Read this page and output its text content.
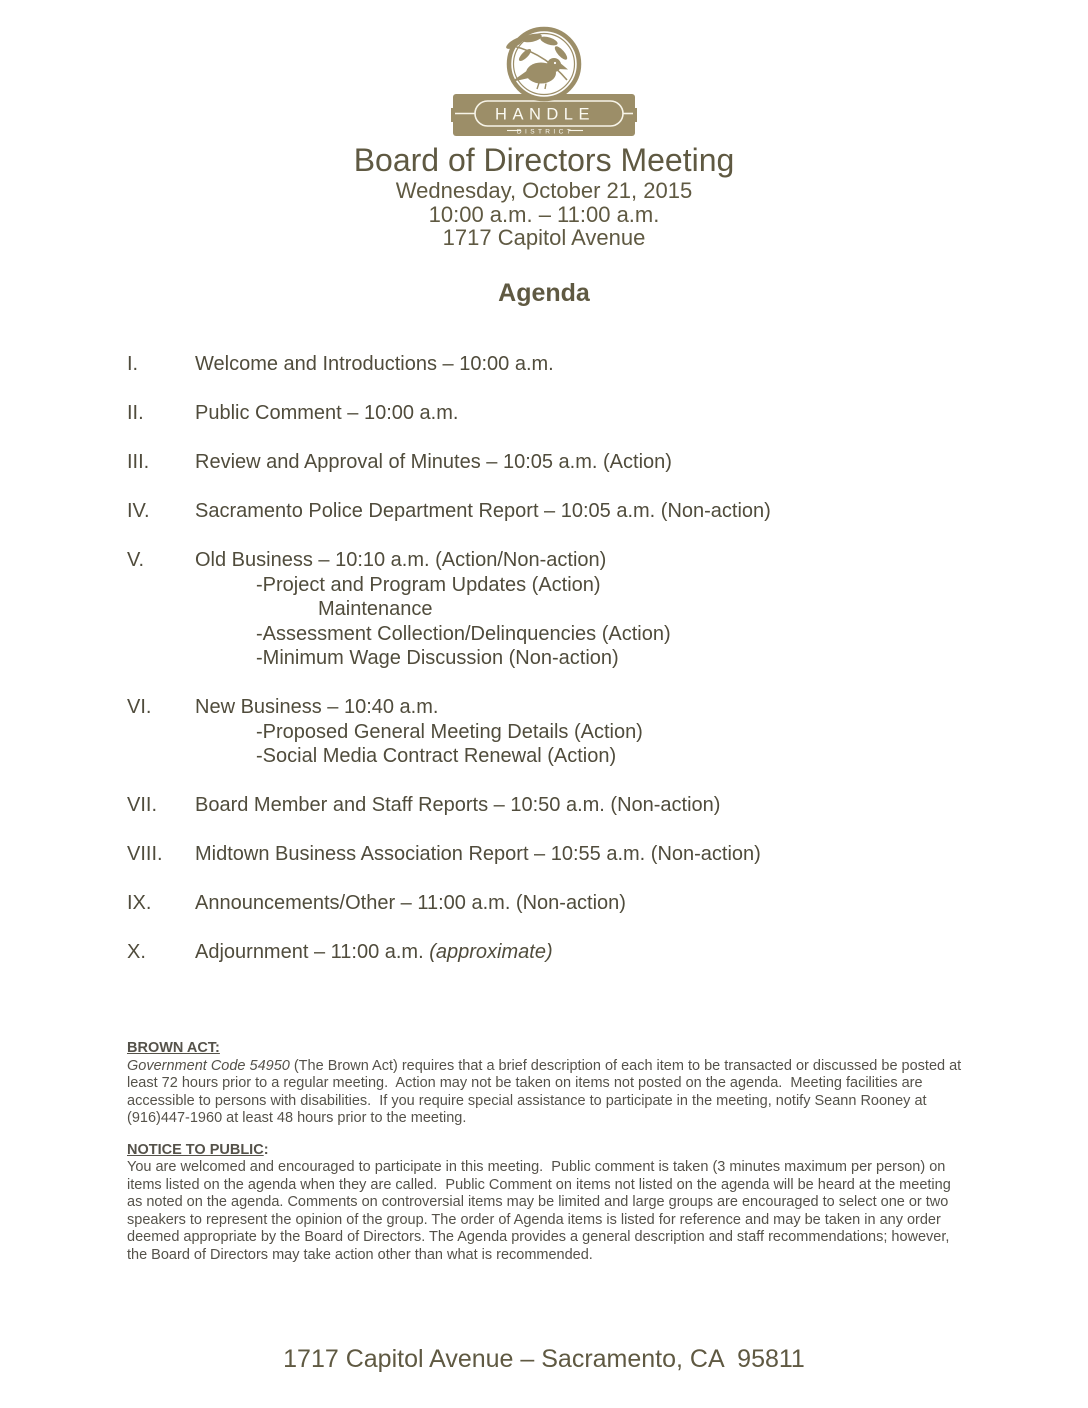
HANDLE
DISTRICT
Board of Directors Meeting
Wednesday, October 21, 2015
10:00 a.m. – 11:00 a.m.
1717 Capitol Avenue
Agenda
I.	Welcome and Introductions – 10:00 a.m.
II.	Public Comment – 10:00 a.m.
III.	Review and Approval of Minutes – 10:05 a.m. (Action)
IV.	Sacramento Police Department Report – 10:05 a.m. (Non-action)
V.	Old Business – 10:10 a.m. (Action/Non-action)
-Project and Program Updates (Action)
Maintenance
-Assessment Collection/Delinquencies (Action)
-Minimum Wage Discussion (Non-action)
VI.	New Business – 10:40 a.m.
-Proposed General Meeting Details (Action)
-Social Media Contract Renewal (Action)
VII.	Board Member and Staff Reports – 10:50 a.m. (Non-action)
VIII.	Midtown Business Association Report – 10:55 a.m. (Non-action)
IX.	Announcements/Other – 11:00 a.m. (Non-action)
X.	Adjournment – 11:00 a.m. (approximate)

BROWN ACT:

Government Code 54950 (The Brown Act) requires that a brief description of each item to be transacted or discussed be posted at least 72 hours prior to a regular meeting.  Action may not be taken on items not posted on the agenda.  Meeting facilities are accessible to persons with disabilities.  If you require special assistance to participate in the meeting, notify Seann Rooney at (916)447-1960 at least 48 hours prior to the meeting.

NOTICE TO PUBLIC:

You are welcomed and encouraged to participate in this meeting.  Public comment is taken (3 minutes maximum per person) on items listed on the agenda when they are called.  Public Comment on items not listed on the agenda will be heard at the meeting as noted on the agenda. Comments on controversial items may be limited and large groups are encouraged to select one or two speakers to represent the opinion of the group. The order of Agenda items is listed for reference and may be taken in any order deemed appropriate by the Board of Directors. The Agenda provides a general description and staff recommendations; however, the Board of Directors may take action other than what is recommended.

1717 Capitol Avenue – Sacramento, CA  95811
